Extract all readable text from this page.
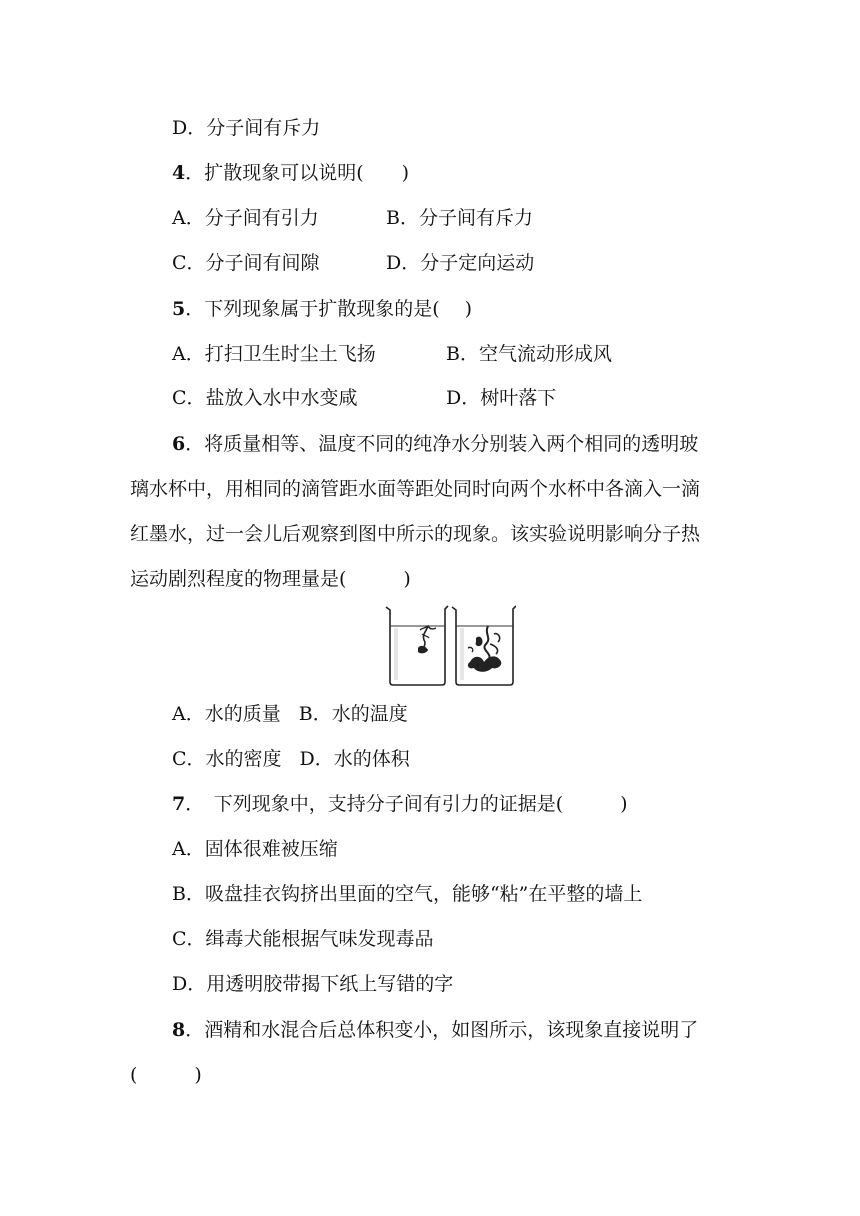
D．分子间有斥力
4．扩散现象可以说明(　　)
A．分子间有引力	B．分子间有斥力
C．分子间有间隙	D．分子定向运动
5．下列现象属于扩散现象的是(　 )
A．打扫卫生时尘土飞扬	B．空气流动形成风
C．盐放入水中水变咸	D．树叶落下
6．将质量相等、温度不同的纯净水分别装入两个相同的透明玻
璃水杯中，用相同的滴管距水面等距处同时向两个水杯中各滴入一滴
红墨水，过一会儿后观察到图中所示的现象。该实验说明影响分子热
运动剧烈程度的物理量是(　　　)
A．水的质量 B．水的温度
C．水的密度 D．水的体积
7．　下列现象中，支持分子间有引力的证据是(　　　)
A．固体很难被压缩
B．吸盘挂衣钩挤出里面的空气，能够“粘”在平整的墙上
C．缉毒犬能根据气味发现毒品
D．用透明胶带揭下纸上写错的字
8．酒精和水混合后总体积变小，如图所示，该现象直接说明了
(　　　)
